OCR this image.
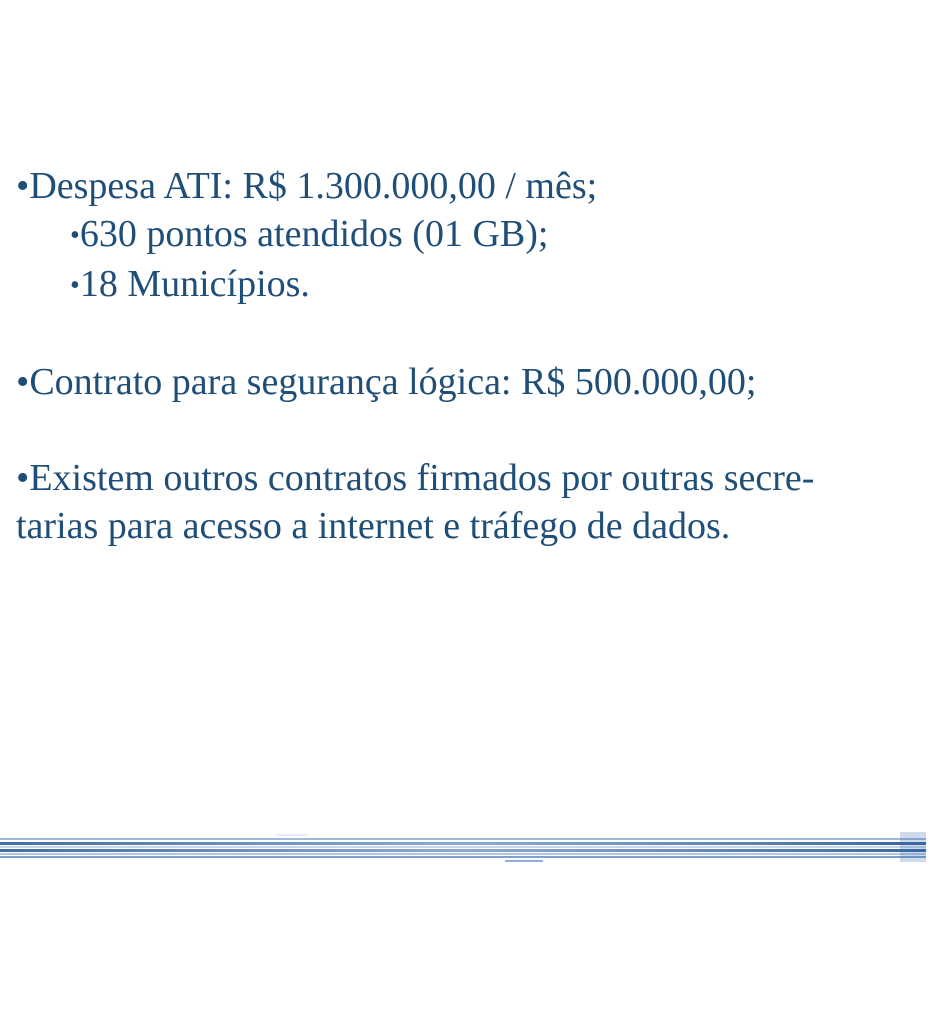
•Despesa ATI: R$ 1.300.000,00 / mês;
•630 pontos atendidos (01 GB);
•18 Municípios.
•Contrato para segurança lógica: R$ 500.000,00;
•Existem outros contratos firmados por outras secre-
tarias para acesso a internet e tráfego de dados.
